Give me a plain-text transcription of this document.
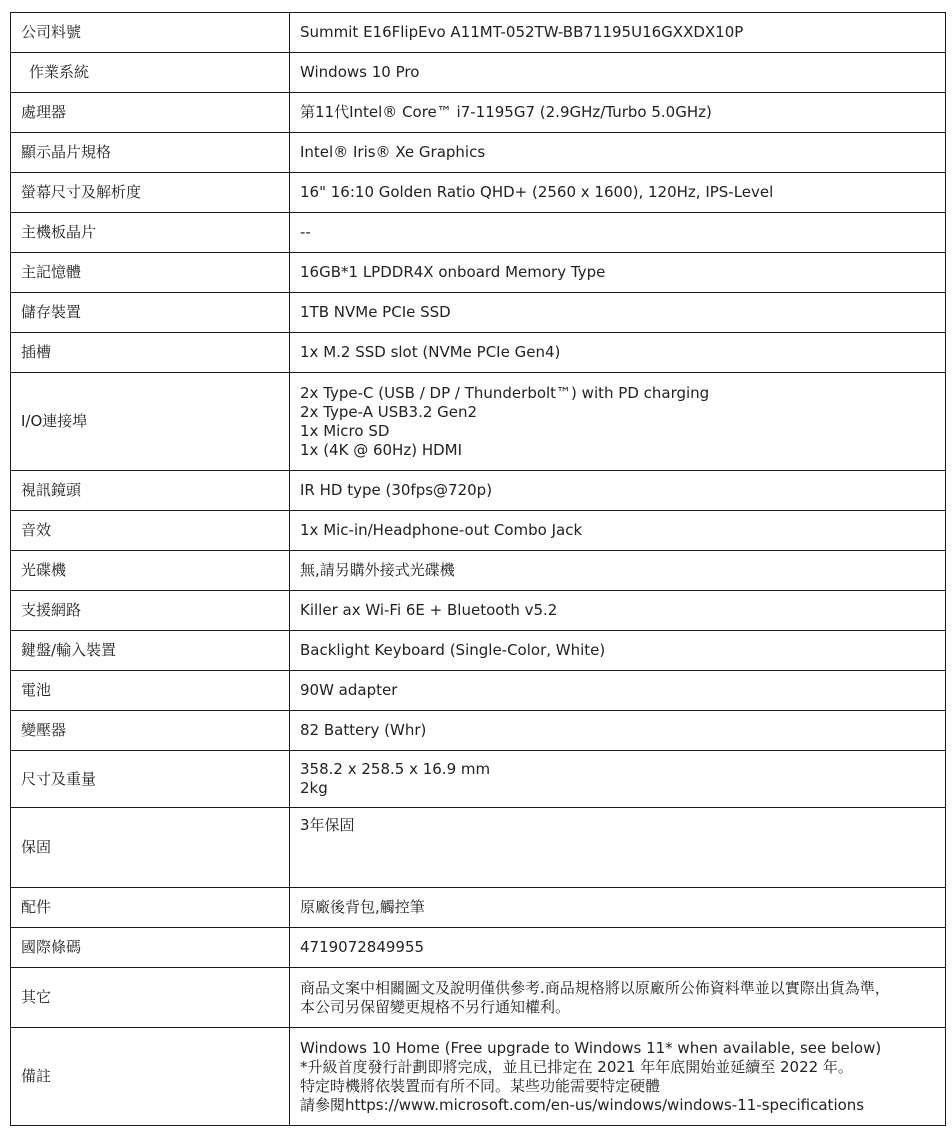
公司料號	Summit E16FlipEvo A11MT-052TW-BB71195U16GXXDX10P

作業系統	Windows 10 Pro

處理器	第11代Intel® Core™ i7-1195G7 (2.9GHz/Turbo 5.0GHz)

顯示晶片規格	Intel® Iris® Xe Graphics

螢幕尺寸及解析度	16" 16:10 Golden Ratio QHD+ (2560 x 1600), 120Hz, IPS-Level

主機板晶片	--

主記憶體	16GB*1 LPDDR4X onboard Memory Type

儲存裝置	1TB NVMe PCIe SSD

插槽	1x M.2 SSD slot (NVMe PCIe Gen4)

I/O連接埠	2x Type-C (USB / DP / Thunderbolt™) with PD charging
2x Type-A USB3.2 Gen2
1x Micro SD
1x (4K @ 60Hz) HDMI

視訊鏡頭	IR HD type (30fps@720p)

音效	1x Mic-in/Headphone-out Combo Jack

光碟機	無,請另購外接式光碟機

支援網路	Killer ax Wi-Fi 6E + Bluetooth v5.2

鍵盤/輸入裝置	Backlight Keyboard (Single-Color, White)

電池	90W adapter

變壓器	82 Battery (Whr)

尺寸及重量	358.2 x 258.5 x 16.9 mm
2kg

保固	3年保固

配件	原廠後背包,觸控筆

國際條碼	4719072849955

其它	商品文案中相關圖文及說明僅供參考.商品規格將以原廠所公佈資料準並以實際出貨為準，
本公司另保留變更規格不另行通知權利。

備註	Windows 10 Home (Free upgrade to Windows 11* when available, see below)
*升級首度發行計劃即將完成，並且已排定在 2021 年年底開始並延續至 2022 年。
特定時機將依裝置而有所不同。某些功能需要特定硬體
請參閱https://www.microsoft.com/en-us/windows/windows-11-specifications
